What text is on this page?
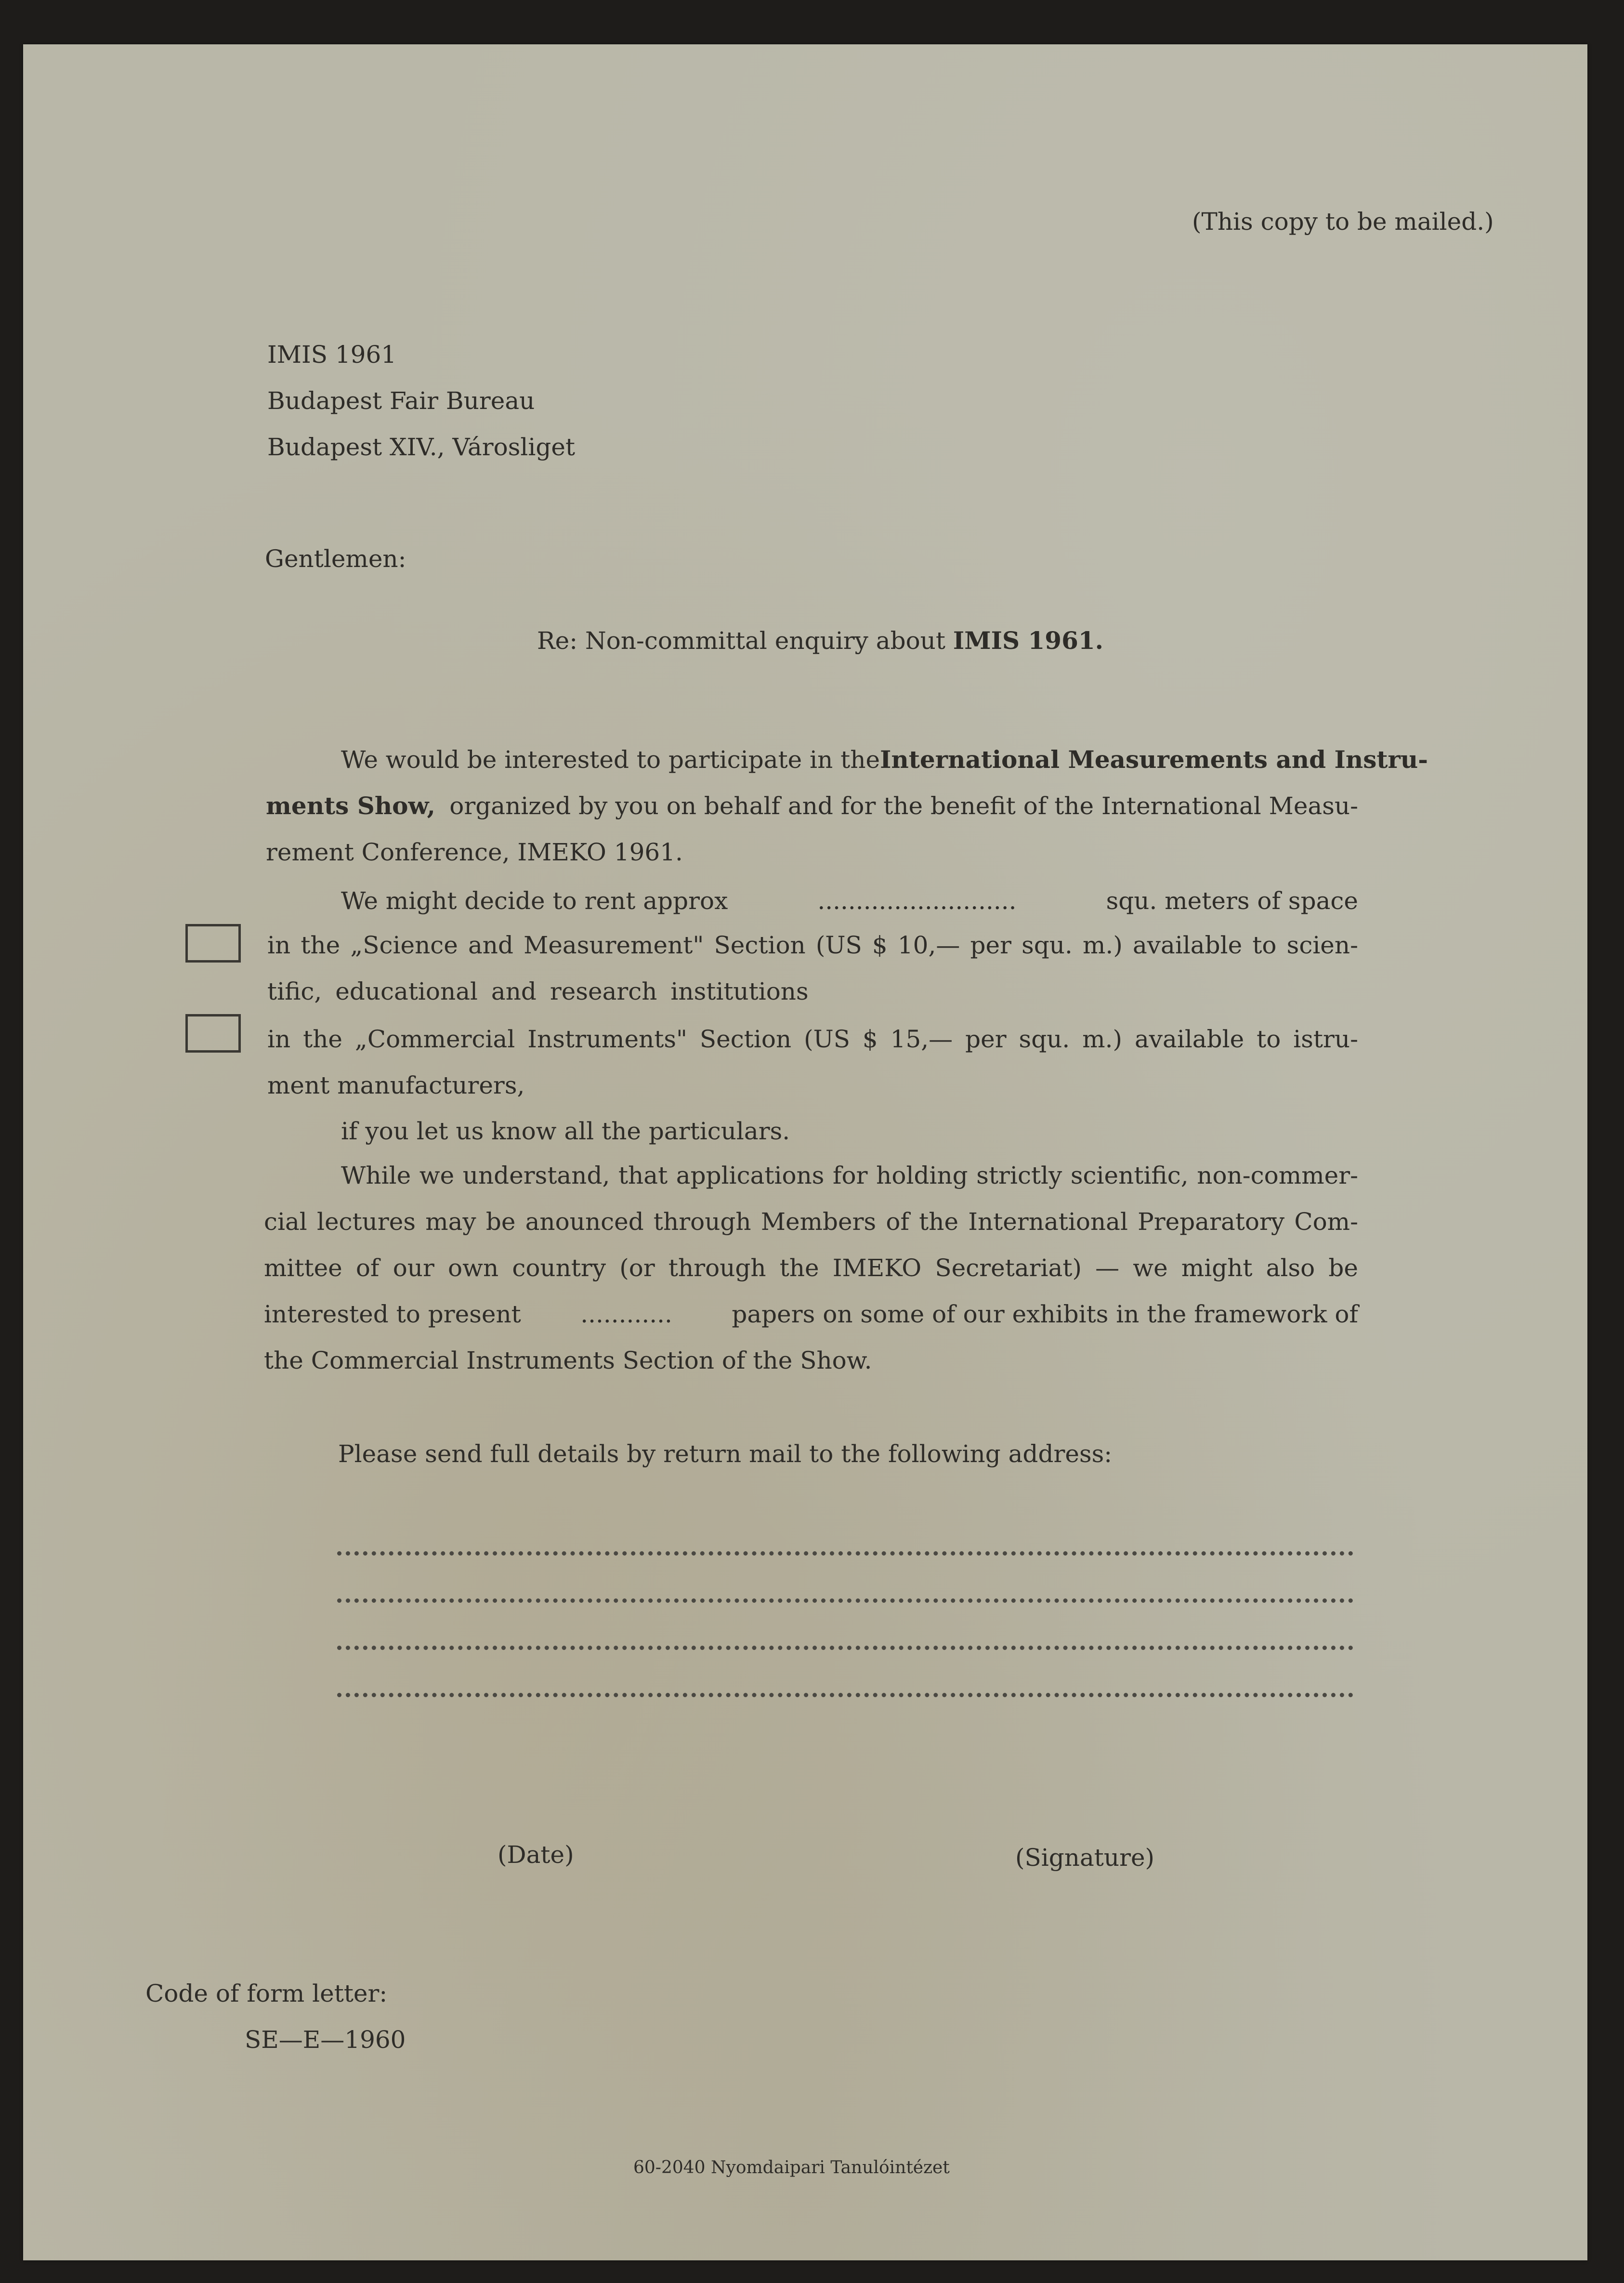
(This copy to be mailed.)
IMIS 1961
Budapest Fair Bureau
Budapest XIV., Városliget
Gentlemen:
Re: Non-committal enquiry about IMIS 1961.
We would be interested to participate in the International Measurements and Instru-
ments Show, organized by you on behalf and for the benefit of the International Measu-
rement Conference, IMEKO 1961.
We might decide to rent approx	..........................	squ. meters of space
in the „Science and Measurement" Section (US $ 10,— per squ. m.) available to scien-
tific, educational and research institutions
in the „Commercial Instruments" Section (US $ 15,— per squ. m.) available to istru-
ment manufacturers,
if you let us know all the particulars.
While we understand, that applications for holding strictly scientific, non-commer-
cial lectures may be anounced through Members of the International Preparatory Com-
mittee of our own country (or through the IMEKO Secretariat) — we might also be
interested to present ............ papers on some of our exhibits in the framework of
the Commercial Instruments Section of the Show.
Please send full details by return mail to the following address:
(Date)	(Signature)
Code of form letter:
SE—E—1960
60-2040 Nyomdaipari Tanulóintézet
